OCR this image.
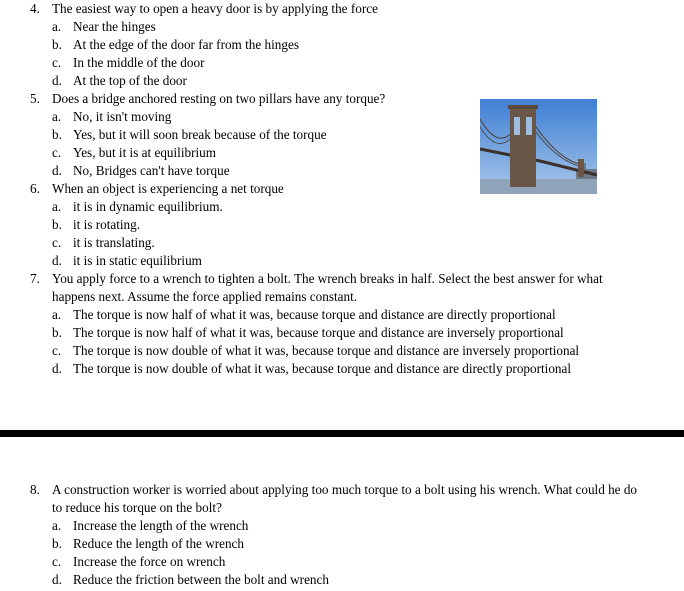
4. The easiest way to open a heavy door is by applying the force
a. Near the hinges
b. At the edge of the door far from the hinges
c. In the middle of the door
d. At the top of the door
5. Does a bridge anchored resting on two pillars have any torque?
a. No, it isn't moving
b. Yes, but it will soon break because of the torque
c. Yes, but it is at equilibrium
d. No, Bridges can't have torque
6. When an object is experiencing a net torque
a. it is in dynamic equilibrium.
b. it is rotating.
c. it is translating.
d. it is in static equilibrium
7. You apply force to a wrench to tighten a bolt. The wrench breaks in half. Select the best answer for what happens next. Assume the force applied remains constant.
a. The torque is now half of what it was, because torque and distance are directly proportional
b. The torque is now half of what it was, because torque and distance are inversely proportional
c. The torque is now double of what it was, because torque and distance are inversely proportional
d. The torque is now double of what it was, because torque and distance are directly proportional
8. A construction worker is worried about applying too much torque to a bolt using his wrench. What could he do to reduce his torque on the bolt?
a. Increase the length of the wrench
b. Reduce the length of the wrench
c. Increase the force on wrench
d. Reduce the friction between the bolt and wrench
